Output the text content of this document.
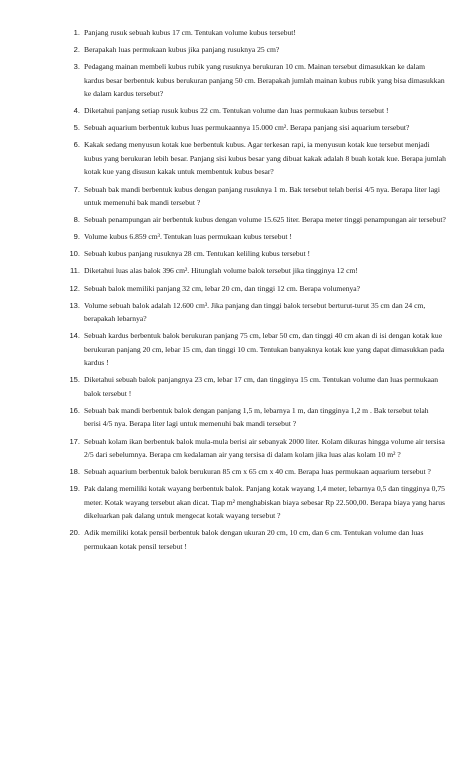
1. Panjang rusuk sebuah kubus 17 cm. Tentukan volume kubus tersebut!
2. Berapakah luas permukaan kubus jika panjang rusuknya 25 cm?
3. Pedagang mainan membeli kubus rubik yang rusuknya berukuran 10 cm. Mainan tersebut dimasukkan ke dalam kardus besar berbentuk kubus berukuran panjang 50 cm. Berapakah jumlah mainan kubus rubik yang bisa dimasukkan ke dalam kardus tersebut?
4. Diketahui panjang setiap rusuk kubus 22 cm. Tentukan volume dan luas permukaan kubus tersebut !
5. Sebuah aquarium berbentuk kubus luas permukaannya 15.000 cm². Berapa panjang sisi aquarium tersebut?
6. Kakak sedang menyusun kotak kue berbentuk kubus. Agar terkesan rapi, ia menyusun kotak kue tersebut menjadi kubus yang berukuran lebih besar. Panjang sisi kubus besar yang dibuat kakak adalah 8 buah kotak kue. Berapa jumlah kotak kue yang disusun kakak untuk membentuk kubus besar?
7. Sebuah bak mandi berbentuk kubus dengan panjang rusuknya 1 m. Bak tersebut telah berisi 4/5 nya. Berapa liter lagi untuk memenuhi bak mandi tersebut ?
8. Sebuah penampungan air berbentuk kubus dengan volume 15.625 liter. Berapa meter tinggi penampungan air tersebut?
9. Volume kubus 6.859 cm³. Tentukan luas permukaan kubus tersebut !
10. Sebuah kubus panjang rusuknya 28 cm. Tentukan keliling kubus tersebut !
11. Diketahui luas alas balok 396 cm². Hitunglah volume balok tersebut jika tingginya 12 cm!
12. Sebuah balok memiliki panjang 32 cm, lebar 20 cm, dan tinggi 12 cm. Berapa volumenya?
13. Volume sebuah balok adalah 12.600 cm³. Jika panjang dan tinggi balok tersebut berturut-turut 35 cm dan 24 cm, berapakah lebarnya?
14. Sebuah kardus berbentuk balok berukuran panjang 75 cm, lebar 50 cm, dan tinggi 40 cm akan di isi dengan kotak kue berukuran panjang 20 cm, lebar 15 cm, dan tinggi 10 cm. Tentukan banyaknya kotak kue yang dapat dimasukkan pada kardus !
15. Diketahui sebuah balok panjangnya 23 cm, lebar 17 cm, dan tingginya 15 cm. Tentukan volume dan luas permukaan balok tersebut !
16. Sebuah bak mandi berbentuk balok dengan panjang 1,5 m, lebarnya 1 m, dan tingginya 1,2 m . Bak tersebut telah berisi 4/5 nya. Berapa liter lagi untuk memenuhi bak mandi tersebut ?
17. Sebuah kolam ikan berbentuk balok mula-mula berisi air sebanyak 2000 liter. Kolam dikuras hingga volume air tersisa 2/5 dari sebelumnya. Berapa cm kedalaman air yang tersisa di dalam kolam jika luas alas kolam 10 m² ?
18. Sebuah aquarium berbentuk balok berukuran 85 cm x 65 cm x 40 cm. Berapa luas permukaan aquarium tersebut ?
19. Pak dalang memiliki kotak wayang berbentuk balok. Panjang kotak wayang 1,4 meter, lebarnya 0,5 dan tingginya 0,75 meter. Kotak wayang tersebut akan dicat. Tiap m² menghabiskan biaya sebesar Rp 22.500,00. Berapa biaya yang harus dikeluarkan pak dalang untuk mengecat kotak wayang tersebut ?
20. Adik memiliki kotak pensil berbentuk balok dengan ukuran 20 cm, 10 cm, dan 6 cm. Tentukan volume dan luas permukaan kotak pensil tersebut !
